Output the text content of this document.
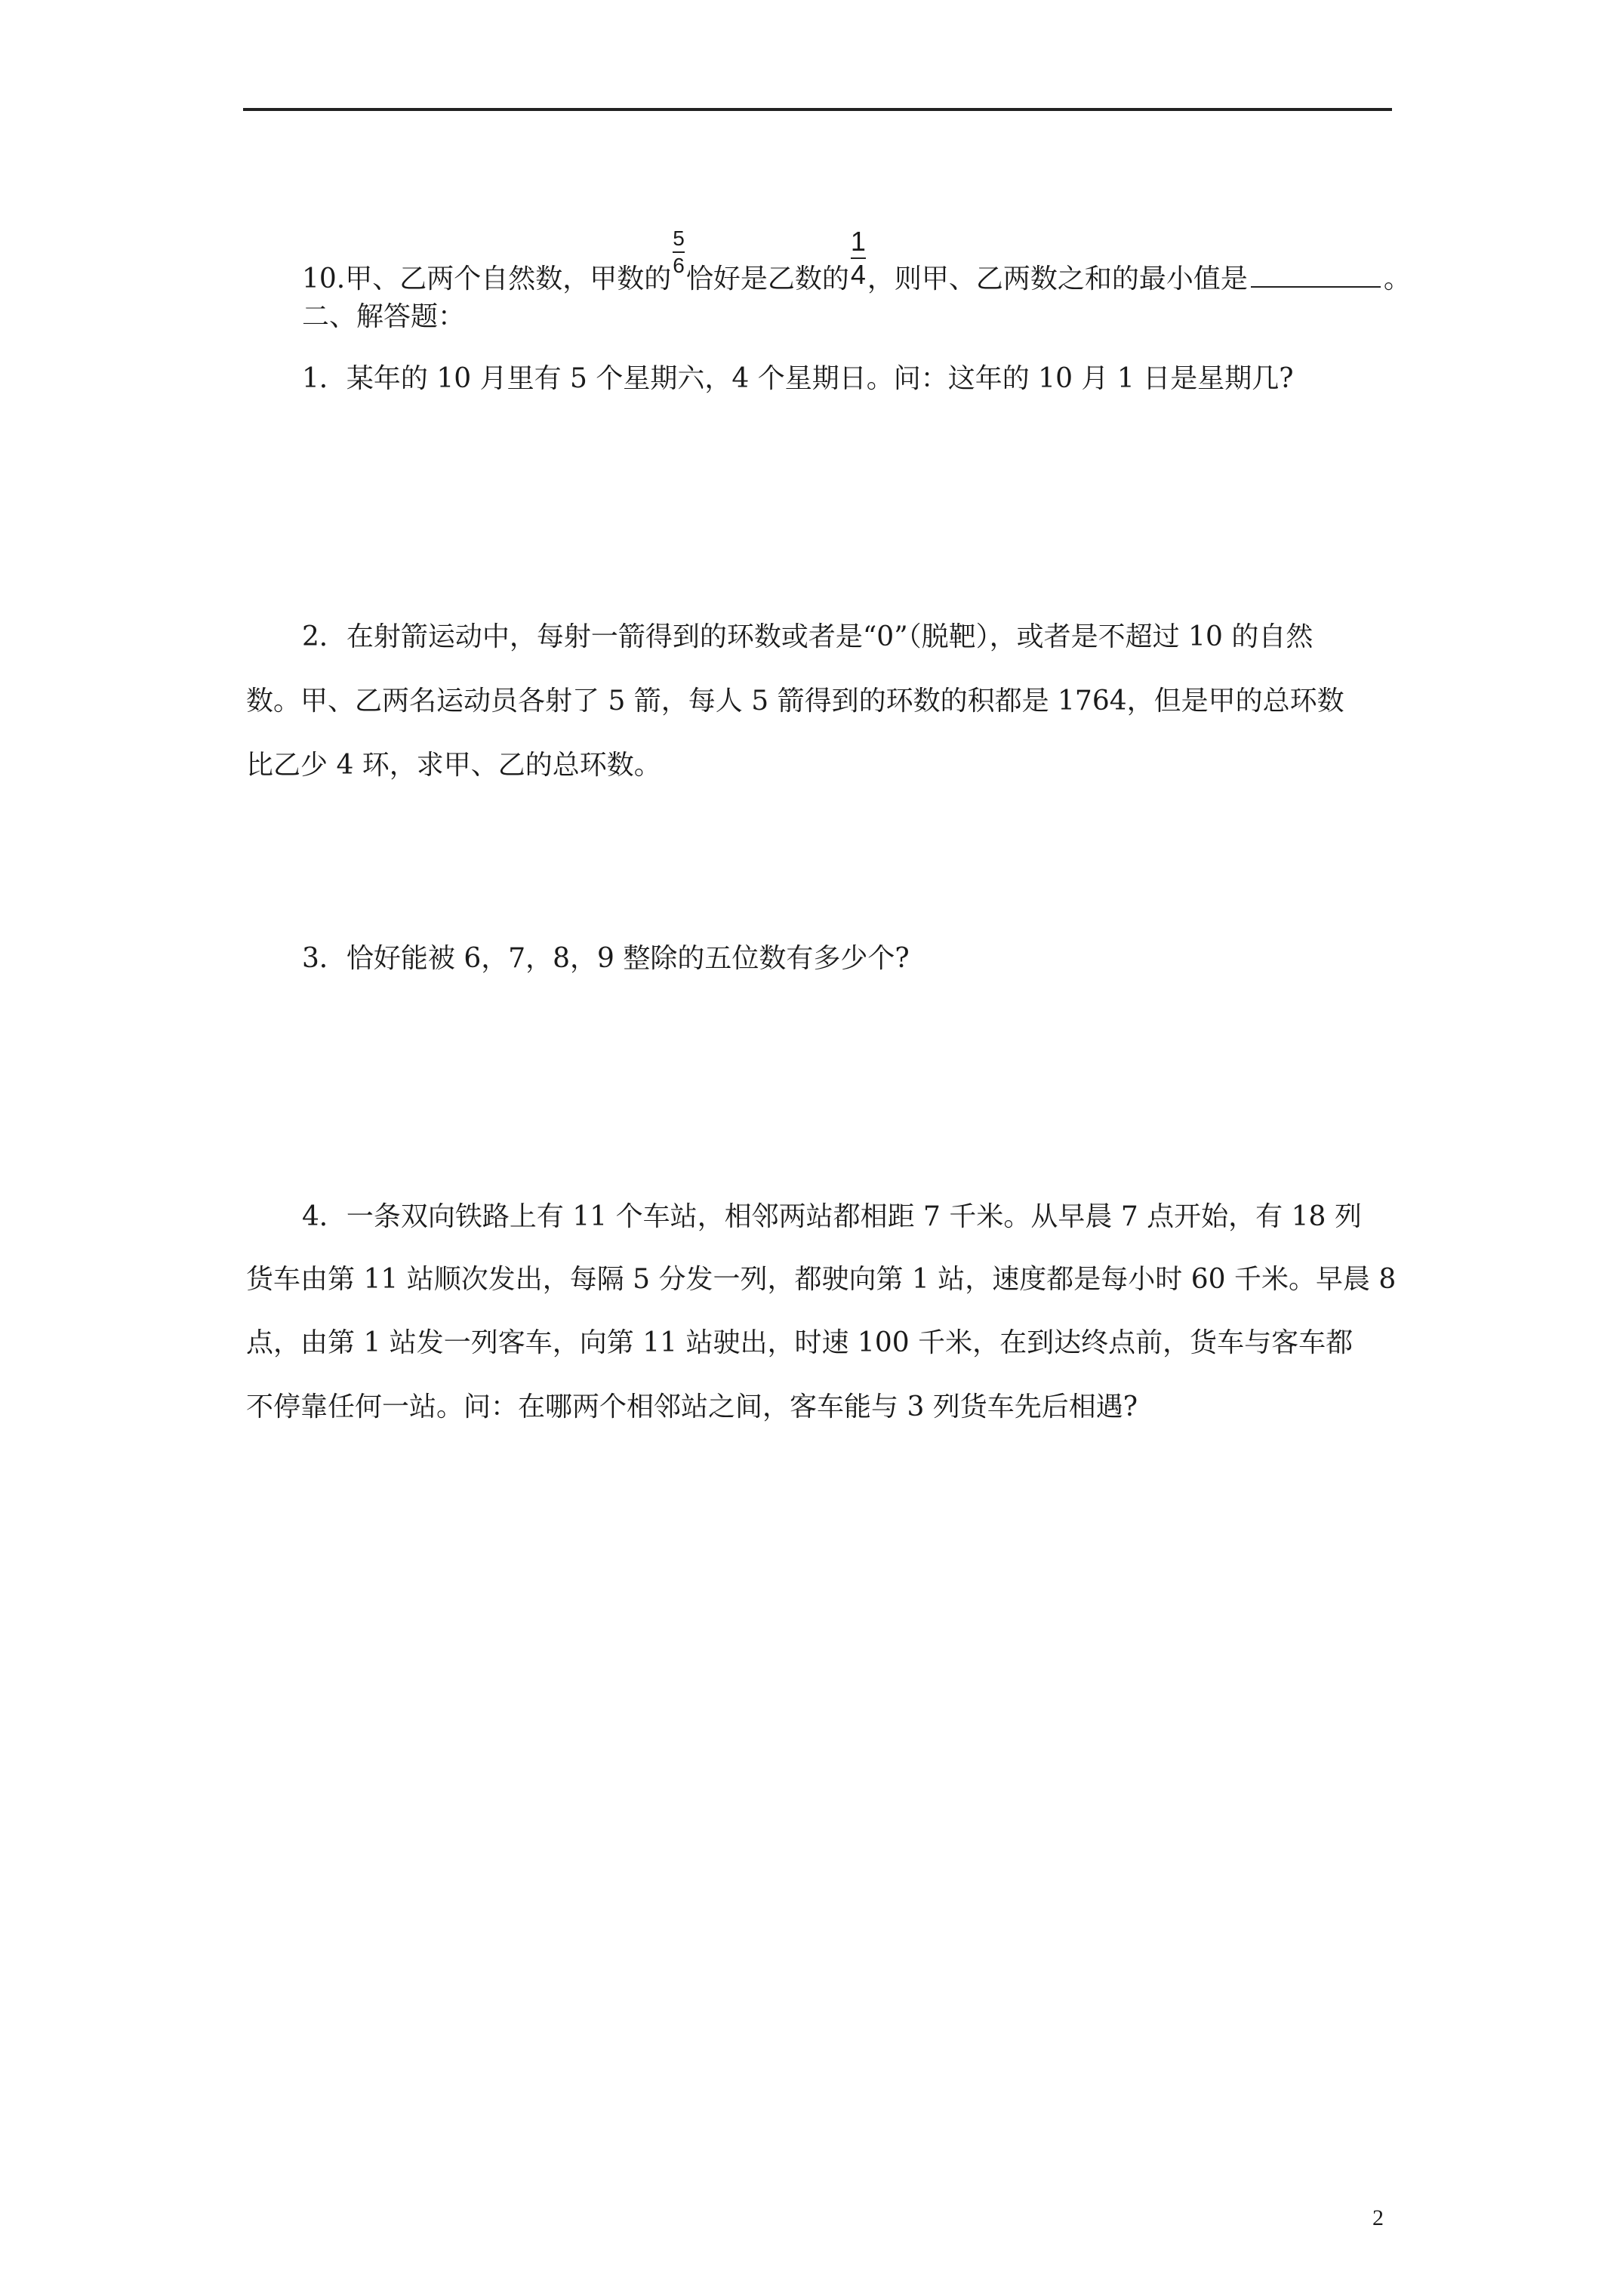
10.甲、乙两个自然数，甲数的
$\frac{5}{6}$
恰好是乙数的 $\frac{1}{4}$ ，则甲、乙两数之和的最小值是	。
二、解答题：
1．某年的 10 月里有 5 个星期六，4 个星期日。问：这年的 10 月 1 日是星期几?
2．在射箭运动中，每射一箭得到的环数或者是“0”（脱靶），或者是不超过 10 的自然
数。甲、乙两名运动员各射了 5 箭，每人 5 箭得到的环数的积都是 1764，但是甲的总环数
比乙少 4 环，求甲、乙的总环数。
3．恰好能被 6，7，8，9 整除的五位数有多少个?
4．一条双向铁路上有 11 个车站，相邻两站都相距 7 千米。从早晨 7 点开始，有 18 列
货车由第 11 站顺次发出，每隔 5 分发一列，都驶向第 1 站，速度都是每小时 60 千米。早晨 8
点，由第 1 站发一列客车，向第 11 站驶出，时速 100 千米，在到达终点前，货车与客车都
不停靠任何一站。问：在哪两个相邻站之间，客车能与 3 列货车先后相遇?
2
